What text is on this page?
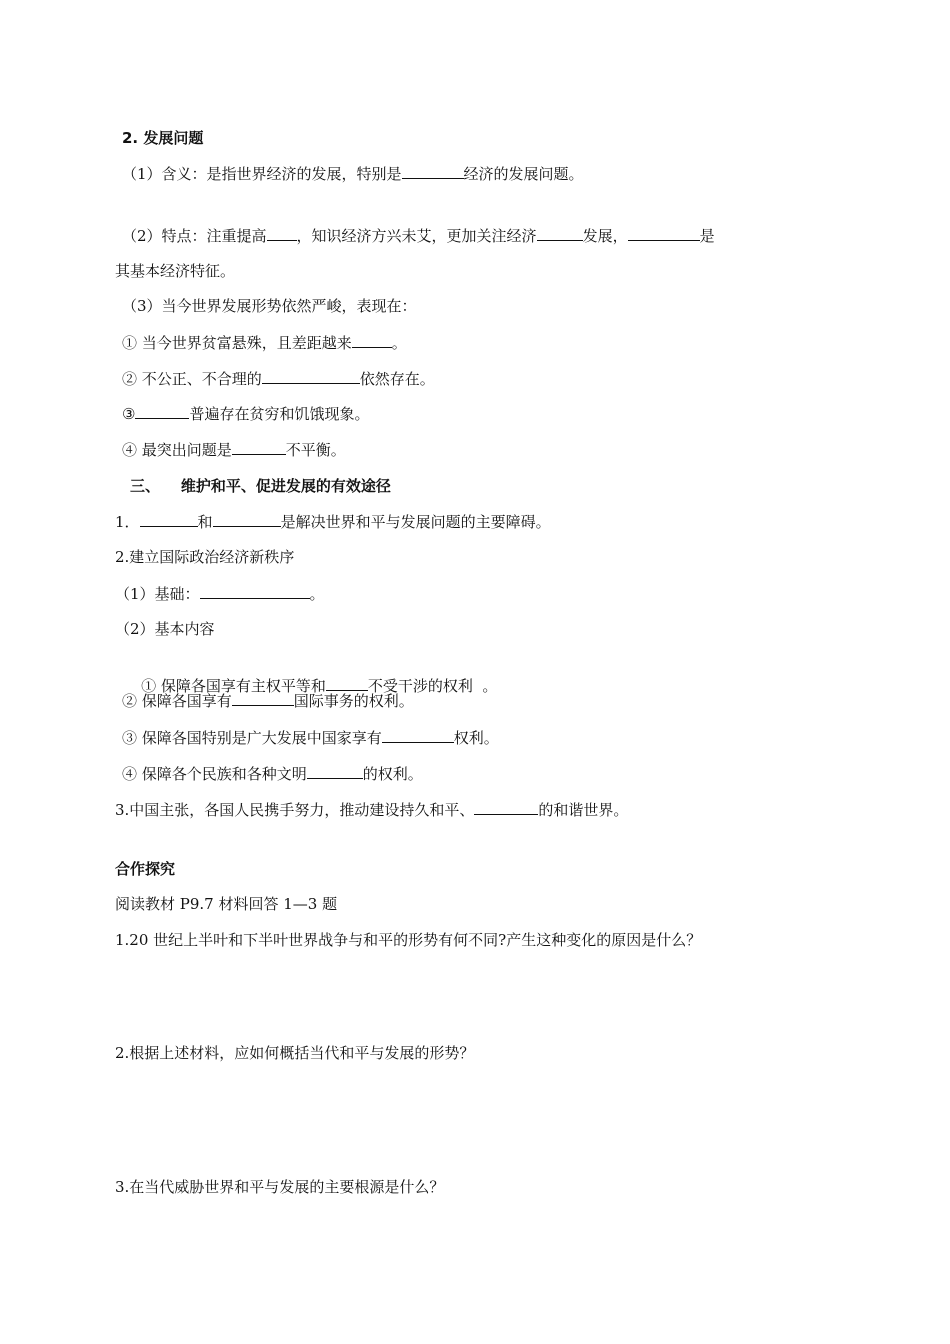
2. 发展问题
（1）含义：是指世界经济的发展，特别是	经济的发展问题。
（2）特点：注重提高 ，知识经济方兴未艾，更加关注经济	发展，	是
其基本经济特征。
（3）当今世界发展形势依然严峻，表现在：
① 当今世界贫富悬殊，且差距越来	。
② 不公正、不合理的	依然存在。
③	普遍存在贫穷和饥饿现象。
④ 最突出问题是	不平衡。
三、    维护和平、促进发展的有效途径
1．	和	是解决世界和平与发展问题的主要障碍。
2.建立国际政治经济新秩序
（1）基础：	。
（2）基本内容

① 保障各国享有主权平等和	不受干涉的权利  。

② 保障各国享有	国际事务的权利。
③ 保障各国特别是广大发展中国家享有	权利。
④ 保障各个民族和各种文明	的权利。
3.中国主张，各国人民携手努力，推动建设持久和平、	的和谐世界。
合作探究
阅读教材 P9.7 材料回答 1—3 题
1.20 世纪上半叶和下半叶世界战争与和平的形势有何不同?产生这种变化的原因是什么？
2.根据上述材料，应如何概括当代和平与发展的形势？
3.在当代威胁世界和平与发展的主要根源是什么？
